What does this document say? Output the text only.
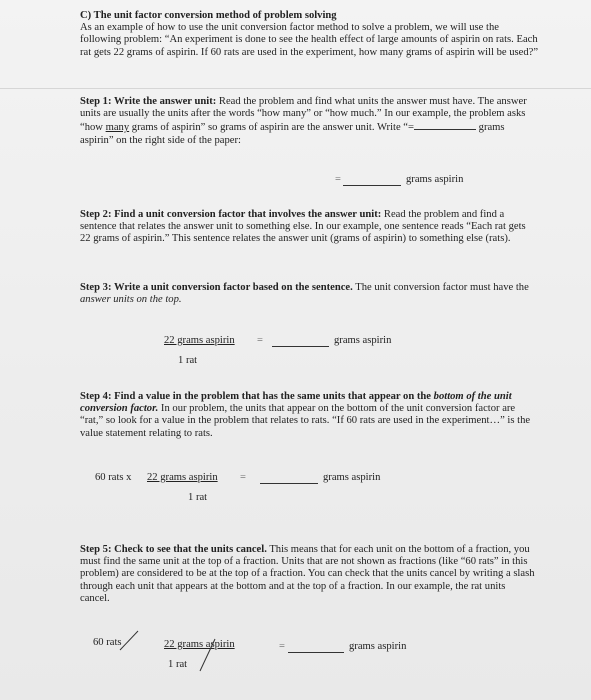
C) The unit factor conversion method of problem solving
As an example of how to use the unit conversion factor method to solve a problem, we will use the following problem: “An experiment is done to see the health effect of large amounts of aspirin on rats. Each rat gets 22 grams of aspirin. If 60 rats are used in the experiment, how many grams of aspirin will be used?”
Step 1: Write the answer unit: Read the problem and find what units the answer must have. The answer units are usually the units after the words “how many” or “how much.” In our example, the problem asks “how many grams of aspirin” so grams of aspirin are the answer unit. Write “=	grams aspirin” on the right side of the paper:
=	grams aspirin
Step 2: Find a unit conversion factor that involves the answer unit: Read the problem and find a sentence that relates the answer unit to something else. In our example, one sentence reads “Each rat gets 22 grams of aspirin.” This sentence relates the answer unit (grams of aspirin) to something else (rats).
Step 3: Write a unit conversion factor based on the sentence. The unit conversion factor must have the answer units on the top.
22 grams aspirin
1 rat
=	grams aspirin
Step 4: Find a value in the problem that has the same units that appear on the bottom of the unit conversion factor. In our problem, the units that appear on the bottom of the unit conversion factor are “rat,” so look for a value in the problem that relates to rats. “If 60 rats are used in the experiment…” is the value statement relating to rats.
60 rats x 22 grams aspirin
1 rat
=	grams aspirin
Step 5: Check to see that the units cancel. This means that for each unit on the bottom of a fraction, you must find the same unit at the top of a fraction. Units that are not shown as fractions (like “60 rats” in this problem) are considered to be at the top of a fraction. You can check that the units cancel by writing a slash through each unit that appears at the bottom and at the top of a fraction. In our example, the rat units cancel.
60 rats	22 grams aspirin
1 rat
=	grams aspirin
